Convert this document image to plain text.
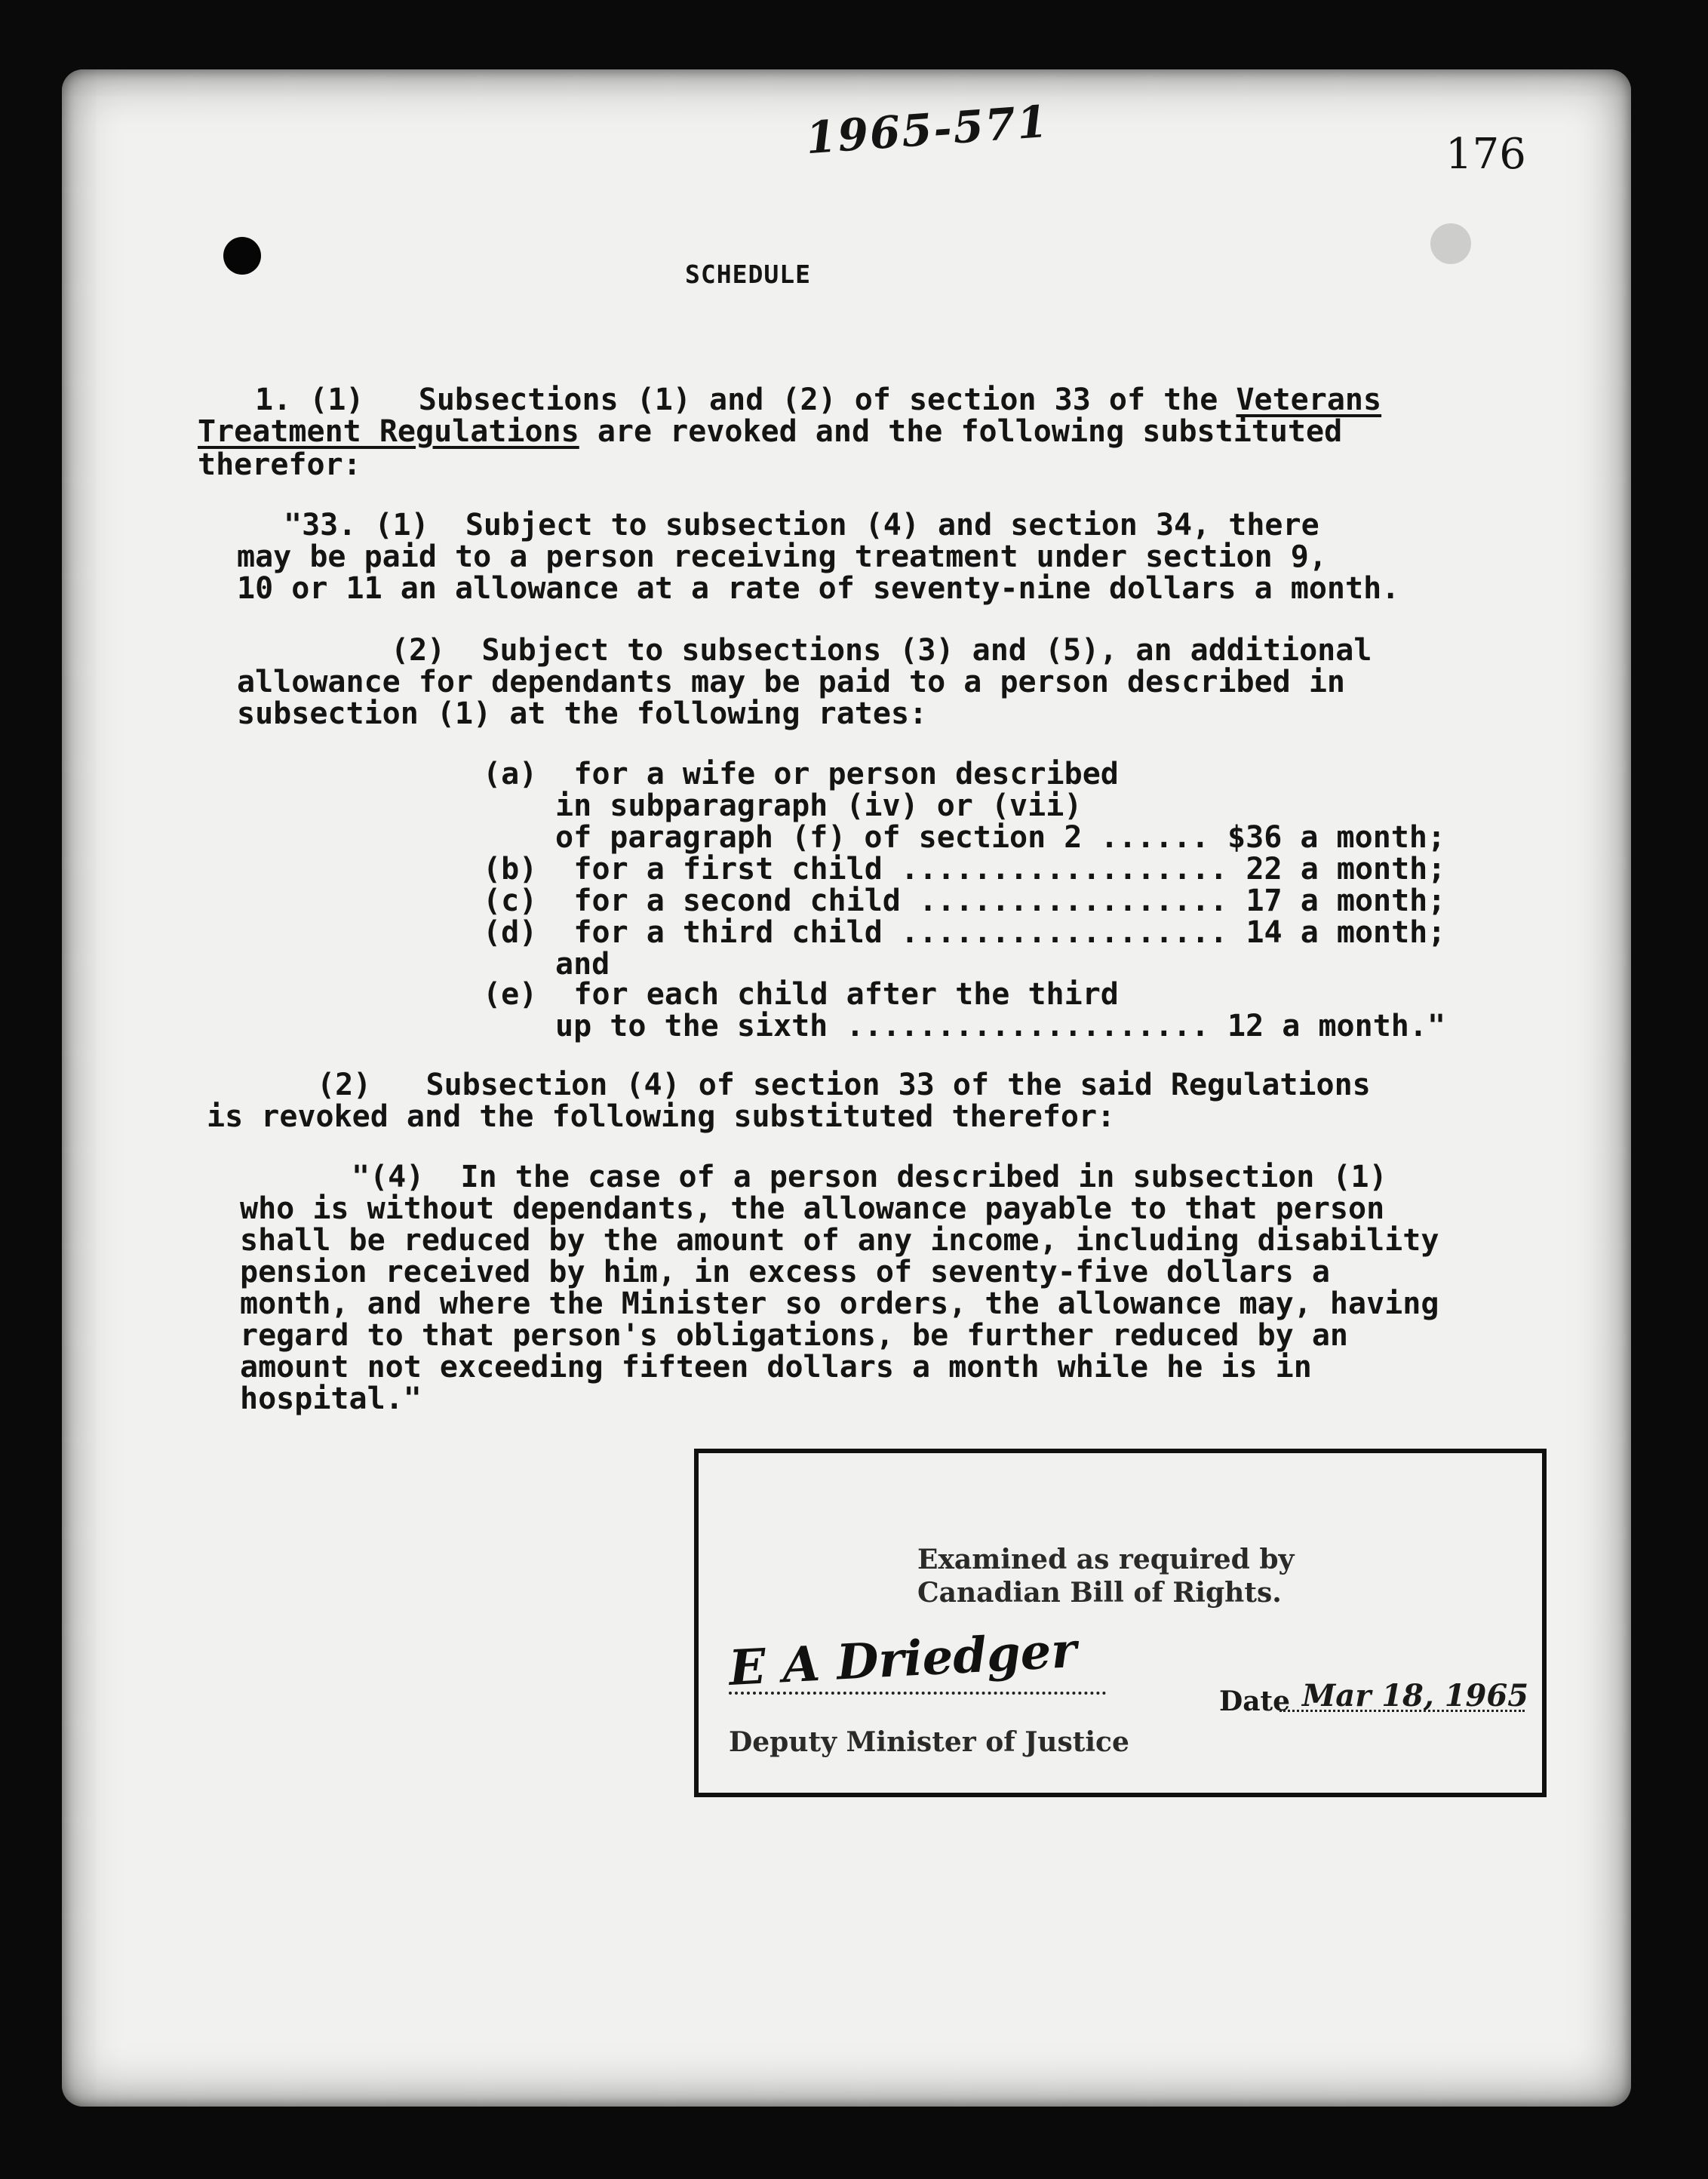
1965-571	176
SCHEDULE
1. (1)   Subsections (1) and (2) of section 33 of the Veterans
Treatment Regulations are revoked and the following substituted
therefor:
"33. (1)  Subject to subsection (4) and section 34, there
may be paid to a person receiving treatment under section 9,
10 or 11 an allowance at a rate of seventy-nine dollars a month.
(2)  Subject to subsections (3) and (5), an additional
allowance for dependants may be paid to a person described in
subsection (1) at the following rates:
(a)  for a wife or person described
in subparagraph (iv) or (vii)
of paragraph (f) of section 2 ...... $36 a month;
(b)  for a first child .................. 22 a month;
(c)  for a second child ................. 17 a month;
(d)  for a third child .................. 14 a month;
and
(e)  for each child after the third
up to the sixth .................... 12 a month."
(2)   Subsection (4) of section 33 of the said Regulations
is revoked and the following substituted therefor:
"(4)  In the case of a person described in subsection (1)
who is without dependants, the allowance payable to that person
shall be reduced by the amount of any income, including disability
pension received by him, in excess of seventy-five dollars a
month, and where the Minister so orders, the allowance may, having
regard to that person's obligations, be further reduced by an
amount not exceeding fifteen dollars a month while he is in
hospital."
Examined as required by
Canadian Bill of Rights.
E A Driedger
Date Mar 18, 1965
Deputy Minister of Justice
